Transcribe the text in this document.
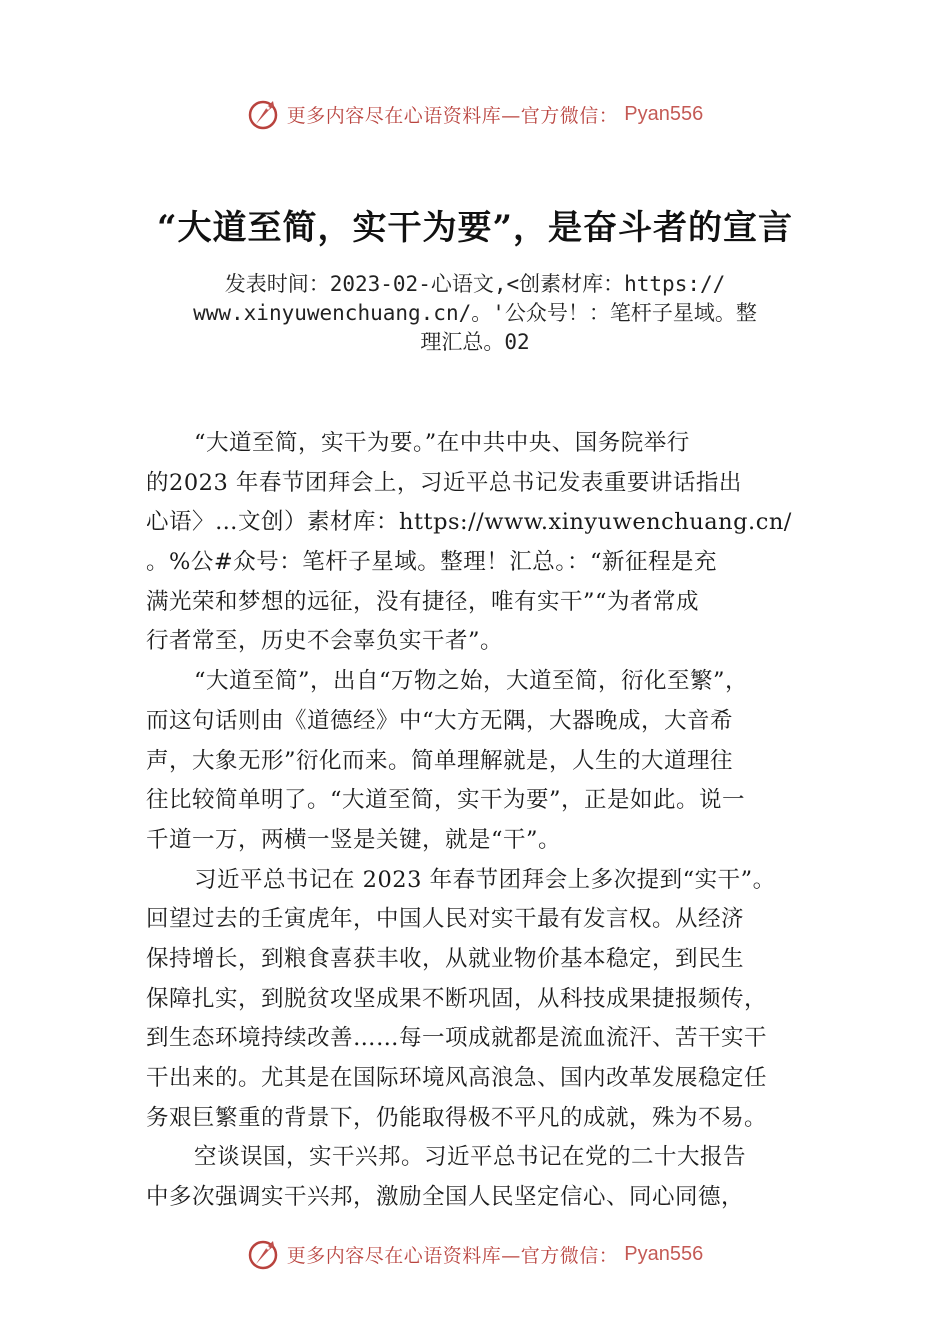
更多内容尽在心语资料库—官方微信： Pyan556
“大道至简，实干为要”，是奋斗者的宣言
发表时间：2023-02-心语文,<创素材库：https://
www.xinyuwenchuang.cn/。'公众号！：笔杆子星域。整
理汇总。02
“大道至简，实干为要。”在中共中央、国务院举行
的2023 年春节团拜会上，习近平总书记发表重要讲话指出
心语〉…文创）素材库：https://www.xinyuwenchuang.cn/
。%公#众号：笔杆子星域。整理！汇总。：“新征程是充
满光荣和梦想的远征，没有捷径，唯有实干”“为者常成
行者常至，历史不会辜负实干者”。
“大道至简”，出自“万物之始，大道至简，衍化至繁”，
而这句话则由《道德经》中“大方无隅，大器晚成，大音希
声，大象无形”衍化而来。简单理解就是，人生的大道理往
往比较简单明了。“大道至简，实干为要”，正是如此。说一
千道一万，两横一竖是关键，就是“干”。
习近平总书记在 2023 年春节团拜会上多次提到“实干”。
回望过去的壬寅虎年，中国人民对实干最有发言权。从经济
保持增长，到粮食喜获丰收，从就业物价基本稳定，到民生
保障扎实，到脱贫攻坚成果不断巩固，从科技成果捷报频传，
到生态环境持续改善……每一项成就都是流血流汗、苦干实干
干出来的。尤其是在国际环境风高浪急、国内改革发展稳定任
务艰巨繁重的背景下，仍能取得极不平凡的成就，殊为不易。
空谈误国，实干兴邦。习近平总书记在党的二十大报告
中多次强调实干兴邦，激励全国人民坚定信心、同心同德，
更多内容尽在心语资料库—官方微信： Pyan556
